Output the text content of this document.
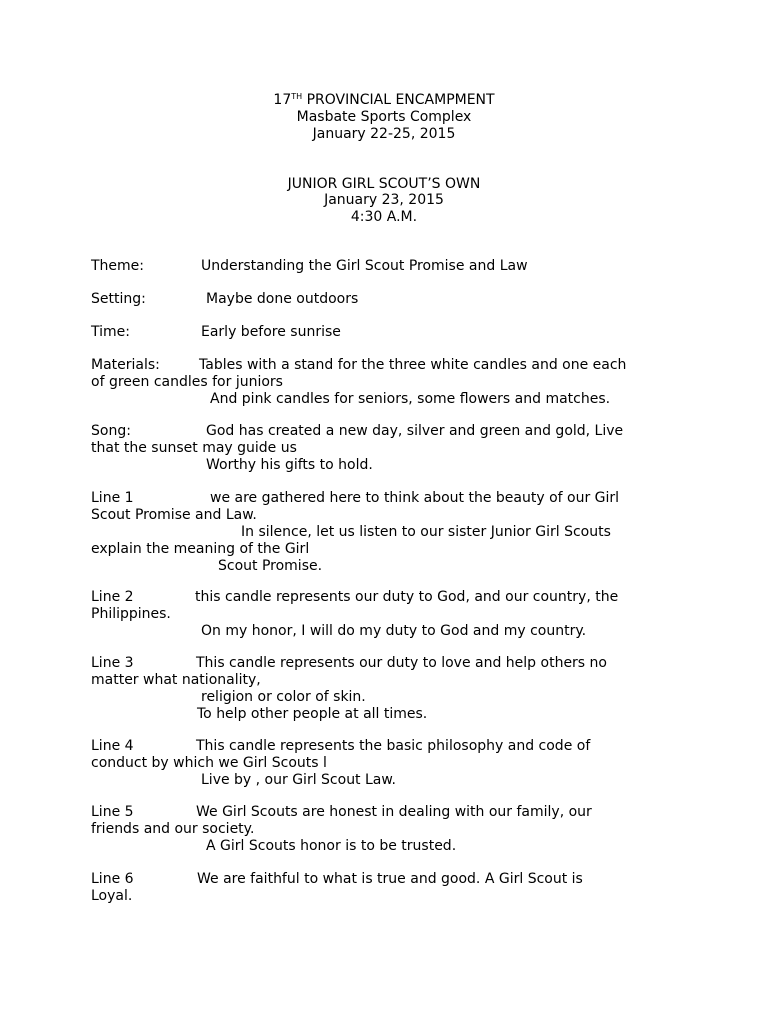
17TH PROVINCIAL ENCAMPMENT
Masbate Sports Complex
January 22-25, 2015
JUNIOR GIRL SCOUT’S OWN
January 23, 2015
4:30 A.M.
Theme:	Understanding the Girl Scout Promise and Law
Setting:	Maybe done outdoors
Time:	Early before sunrise
Materials:	Tables with a stand for the three white candles and one each
of green candles for juniors
And pink candles for seniors, some flowers and matches.
Song:	God has created a new day, silver and green and gold, Live
that the sunset may guide us
Worthy his gifts to hold.
Line 1	we are gathered here to think about the beauty of our Girl
Scout Promise and Law.
In silence, let us listen to our sister Junior Girl Scouts
explain the meaning of the Girl
Scout Promise.
Line 2	this candle represents our duty to God, and our country, the
Philippines.
On my honor, I will do my duty to God and my country.
Line 3	This candle represents our duty to love and help others no
matter what nationality,
religion or color of skin.
To help other people at all times.
Line 4	This candle represents the basic philosophy and code of
conduct by which we Girl Scouts l
Live by , our Girl Scout Law.
Line 5	We Girl Scouts are honest in dealing with our family, our
friends and our society.
A Girl Scouts honor is to be trusted.
Line 6	We are faithful to what is true and good. A Girl Scout is
Loyal.
